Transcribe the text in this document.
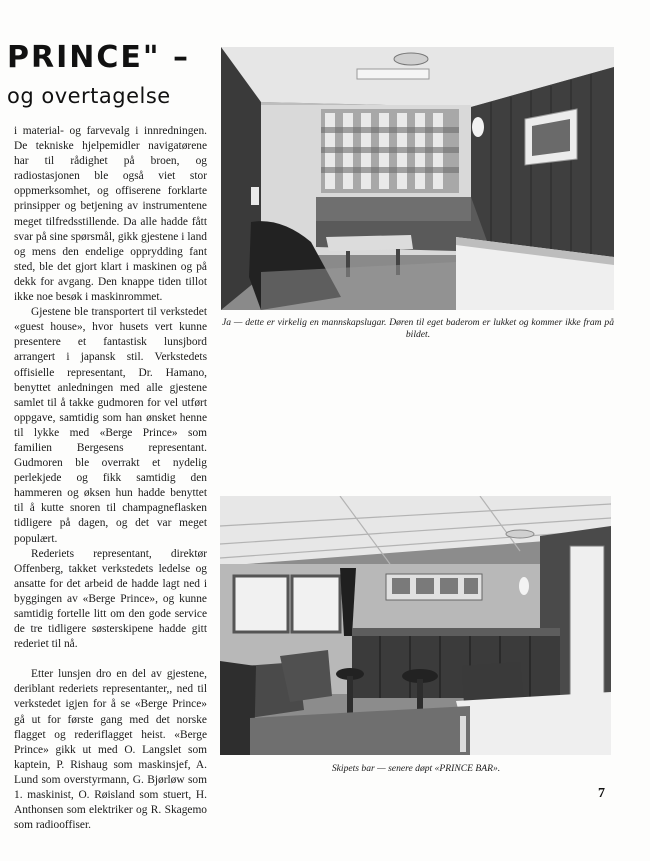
PRINCE" –
og overtagelse

i material- og farvevalg i innredningen. De tekniske hjelpemidler navigatørene har til rådighet på broen, og radiostasjonen ble også viet stor oppmerksomhet, og offiserene forklarte prinsipper og betjening av instrumentene meget tilfredsstillende. Da alle hadde fått svar på sine spørsmål, gikk gjestene i land og mens den endelige opprydding fant sted, ble det gjort klart i maskinen og på dekk for avgang. Den knappe tiden tillot ikke noe besøk i maskinrommet.

Gjestene ble transportert til verkstedet «guest house», hvor husets vert kunne presentere et fantastisk lunsjbord arrangert i japansk stil. Verkstedets offisielle representant, Dr. Hamano, benyttet anledningen med alle gjestene samlet til å takke gudmoren for vel utført oppgave, samtidig som han ønsket henne til lykke med «Berge Prince» som familien Bergesens representant. Gudmoren ble overrakt et nydelig perlekjede og fikk samtidig den hammeren og øksen hun hadde benyttet til å kutte snoren til champagneflasken tidligere på dagen, og det var meget populært.

Rederiets representant, direktør Offenberg, takket verkstedets ledelse og ansatte for det arbeid de hadde lagt ned i byggingen av «Berge Prince», og kunne samtidig fortelle litt om den gode service de tre tidligere søsterskipene hadde gitt rederiet til nå.

Etter lunsjen dro en del av gjestene, deriblant rederiets representanter,, ned til verkstedet igjen for å se «Berge Prince» gå ut for første gang med det norske flagget og rederiflagget heist. «Berge Prince» gikk ut med O. Langslet som kaptein, P. Rishaug som maskinsjef, A. Lund som overstyrmann, G. Bjørløw som 1. maskinist, O. Røisland som stuert, H. Anthonsen som elektriker og R. Skagemo som radiooffiser.

Ja — dette er virkelig en mannskapslugar. Døren til eget baderom er lukket og kommer ikke fram på bildet.
Skipets bar — senere døpt «PRINCE BAR».
7
